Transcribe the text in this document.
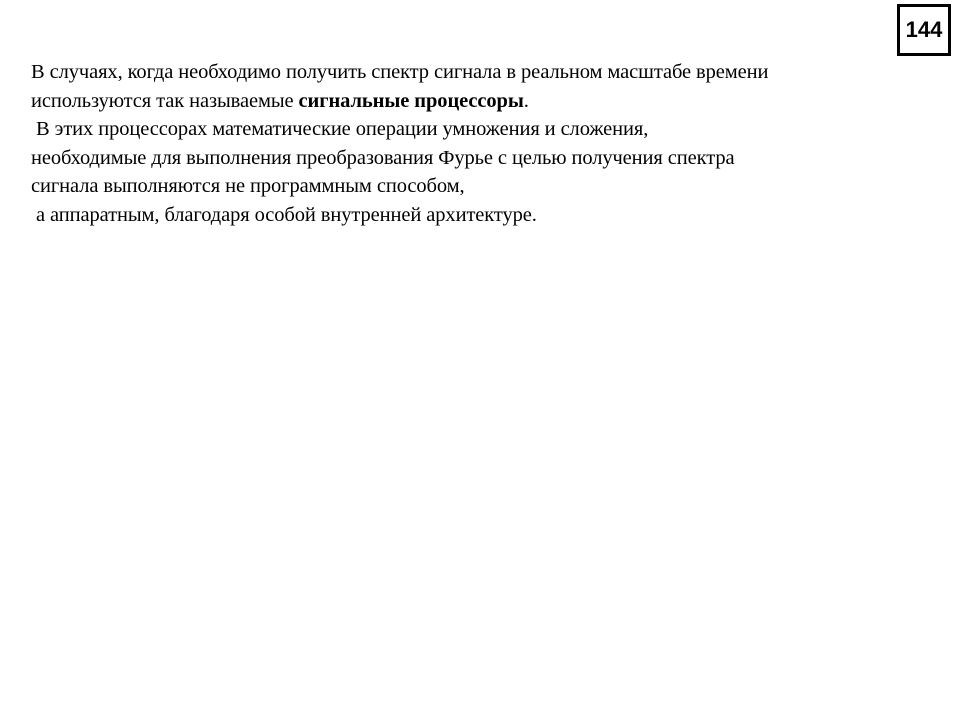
144
В случаях, когда необходимо получить спектр сигнала в реальном масштабе времени
используются так называемые сигнальные процессоры.
В этих процессорах математические операции умножения и сложения,
необходимые для выполнения преобразования Фурье с целью получения спектра
сигнала выполняются не программным способом,
а аппаратным, благодаря особой внутренней архитектуре.
